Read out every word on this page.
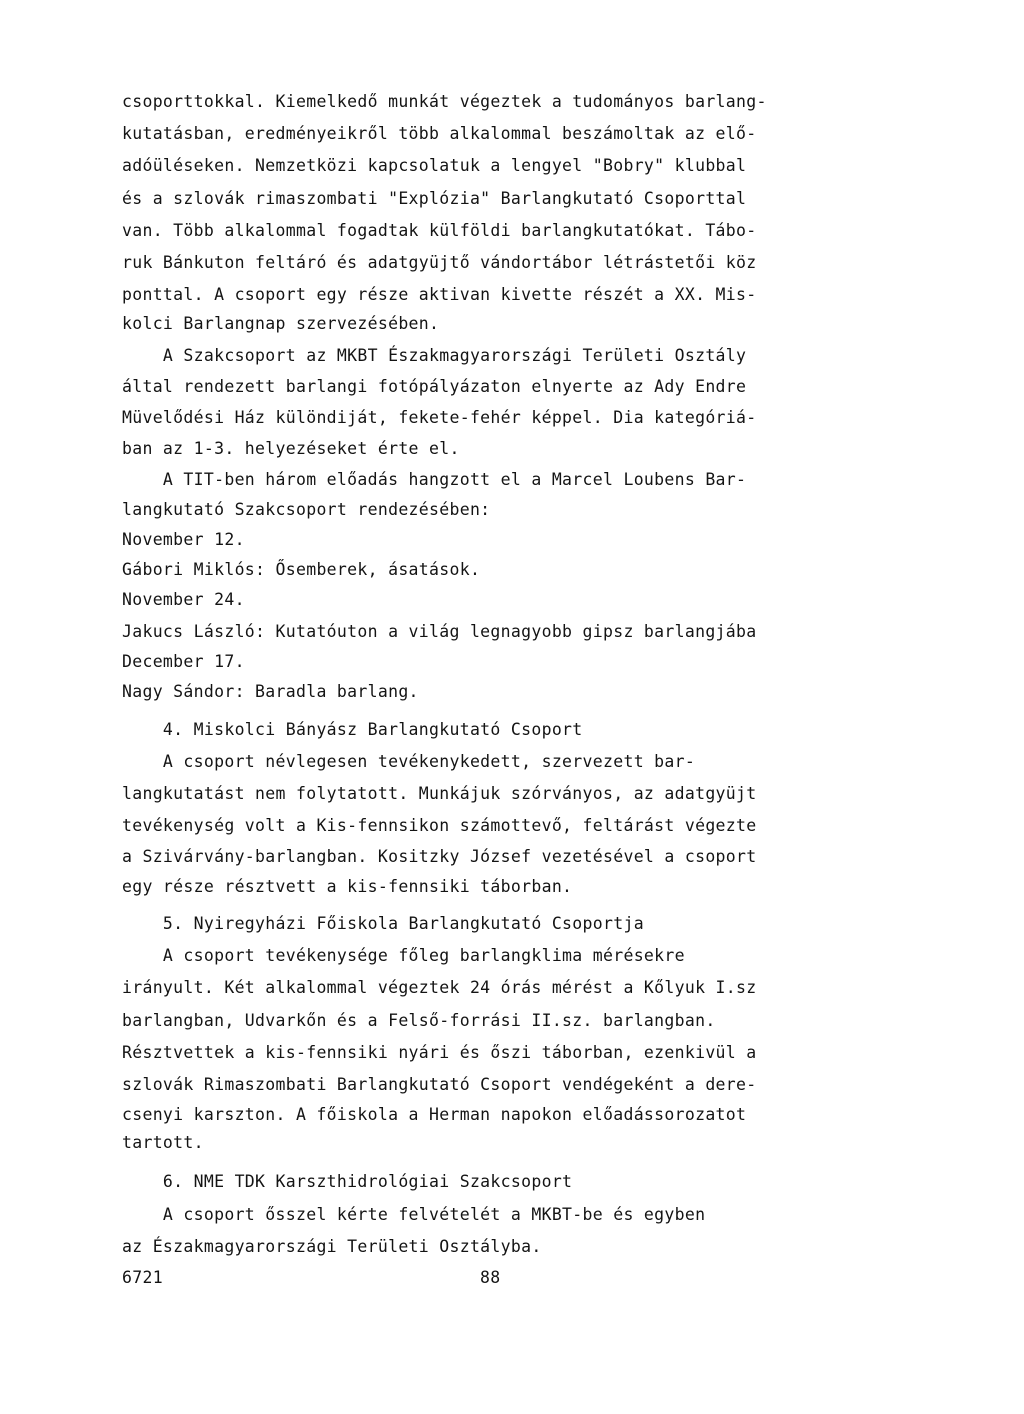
csoporttokkal. Kiemelkedő munkát végeztek a tudományos barlang-
kutatásban, eredményeikről több alkalommal beszámoltak az elő-
adóüléseken. Nemzetközi kapcsolatuk a lengyel "Bobry" klubbal
és a szlovák rimaszombati "Explózia" Barlangkutató Csoporttal
van. Több alkalommal fogadtak külföldi barlangkutatókat. Tábo-
ruk Bánkuton feltáró és adatgyüjtő vándortábor létrástetői köz
ponttal. A csoport egy része aktivan kivette részét a XX. Mis-
kolci Barlangnap szervezésében.
A Szakcsoport az MKBT Északmagyarországi Területi Osztály
által rendezett barlangi fotópályázaton elnyerte az Ady Endre
Müvelődési Ház különdiját, fekete-fehér képpel. Dia kategóriá-
ban az 1-3. helyezéseket érte el.
A TIT-ben három előadás hangzott el a Marcel Loubens Bar-
langkutató Szakcsoport rendezésében:
November 12.
Gábori Miklós: Ősemberek, ásatások.
November 24.
Jakucs László: Kutatóuton a világ legnagyobb gipsz barlangjába
December 17.
Nagy Sándor: Baradla barlang.
4. Miskolci Bányász Barlangkutató Csoport
A csoport névlegesen tevékenykedett, szervezett bar-
langkutatást nem folytatott. Munkájuk szórványos, az adatgyüjt
tevékenység volt a Kis-fennsikon számottevő, feltárást végezte
a Szivárvány-barlangban. Kositzky József vezetésével a csoport
egy része résztvett a kis-fennsiki táborban.
5. Nyiregyházi Főiskola Barlangkutató Csoportja
A csoport tevékenysége főleg barlangklima mérésekre
irányult. Két alkalommal végeztek 24 órás mérést a Kőlyuk I.sz
barlangban, Udvarkőn és a Felső-forrási II.sz. barlangban.
Résztvettek a kis-fennsiki nyári és őszi táborban, ezenkivül a
szlovák Rimaszombati Barlangkutató Csoport vendégeként a dere-
csenyi karszton. A főiskola a Herman napokon előadássorozatot
tartott.
6. NME TDK Karszthidrológiai Szakcsoport
A csoport ősszel kérte felvételét a MKBT-be és egyben
az Északmagyarországi Területi Osztályba.
6721	88
